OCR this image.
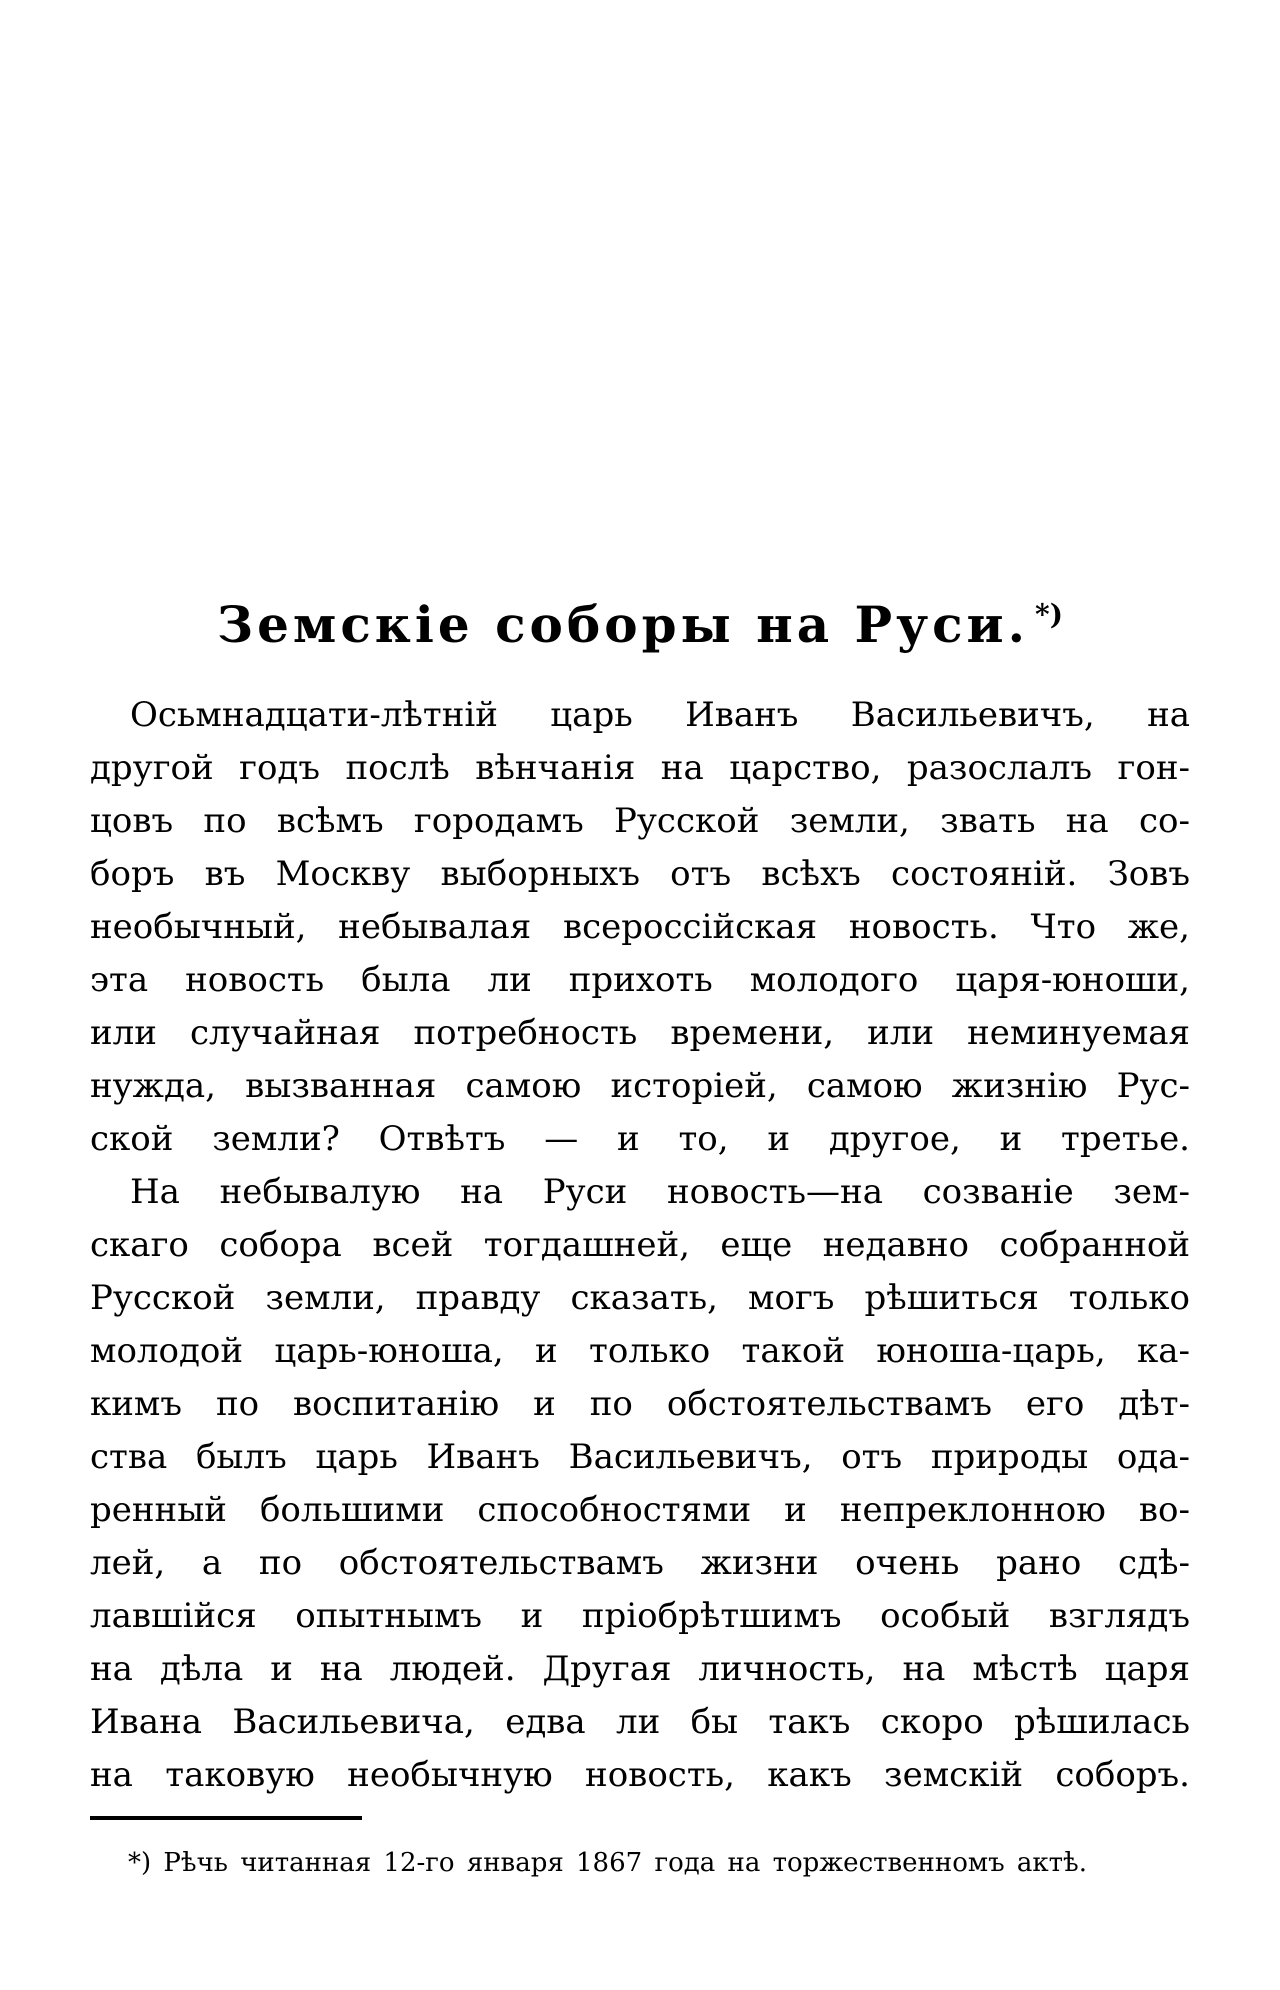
Земскіе соборы на Руси. *)

Осьмнадцати-лѣтній царь Иванъ Васильевичъ, на
другой годъ послѣ вѣнчанія на царство, разослалъ гон-
цовъ по всѣмъ городамъ Русской земли, звать на со-
боръ въ Москву выборныхъ отъ всѣхъ состояній. Зовъ
необычный, небывалая всероссійская новость. Что же,
эта новость была ли прихоть молодого царя-юноши,
или случайная потребность времени, или неминуемая
нужда, вызванная самою исторіей, самою жизнію Рус-
ской земли? Отвѣтъ — и то, и другое, и третье.

На небывалую на Руси новость—на созваніе зем-
скаго собора всей тогдашней, еще недавно собранной
Русской земли, правду сказать, могъ рѣшиться только
молодой царь-юноша, и только такой юноша-царь, ка-
кимъ по воспитанію и по обстоятельствамъ его дѣт-
ства былъ царь Иванъ Васильевичъ, отъ природы ода-
ренный большими способностями и непреклонною во-
лей, а по обстоятельствамъ жизни очень рано сдѣ-
лавшійся опытнымъ и пріобрѣтшимъ особый взглядъ
на дѣла и на людей. Другая личность, на мѣстѣ царя
Ивана Васильевича, едва ли бы такъ скоро рѣшилась
на таковую необычную новость, какъ земскій соборъ.

*) Рѣчь читанная 12-го января 1867 года на торжественномъ актѣ.
